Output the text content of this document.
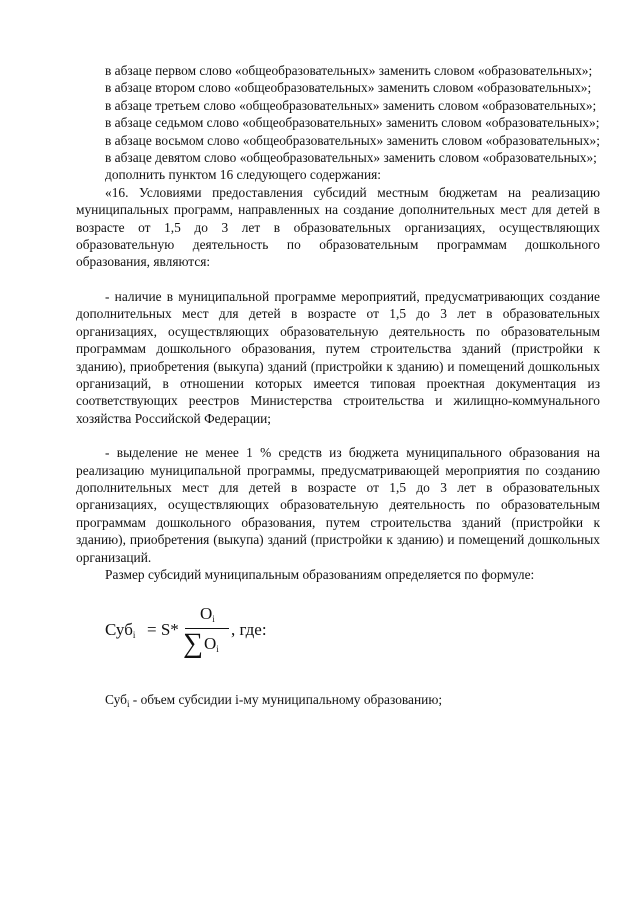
в абзаце первом слово «общеобразовательных» заменить словом «образовательных»;

в абзаце втором слово «общеобразовательных» заменить словом «образовательных»;

в абзаце третьем слово «общеобразовательных» заменить словом «образовательных»;

в абзаце седьмом слово «общеобразовательных» заменить словом «образовательных»;

в абзаце восьмом слово «общеобразовательных» заменить словом «образовательных»;

в абзаце девятом слово «общеобразовательных» заменить словом «образовательных»;

дополнить пунктом 16 следующего содержания:

«16. Условиями предоставления субсидий местным бюджетам на реализацию муниципальных программ, направленных на создание дополнительных мест для детей в возрасте от 1,5 до 3 лет в образовательных организациях, осуществляющих образовательную деятельность по образовательным программам дошкольного образования, являются:

- наличие в муниципальной программе мероприятий, предусматривающих создание дополнительных мест для детей в возрасте от 1,5 до 3 лет в образовательных организациях, осуществляющих образовательную деятельность по образовательным программам дошкольного образования, путем строительства зданий (пристройки к зданию), приобретения (выкупа) зданий (пристройки к зданию) и помещений дошкольных организаций, в отношении которых имеется типовая проектная документация из соответствующих реестров Министерства строительства и жилищно-коммунального хозяйства Российской Федерации;

- выделение не менее 1 % средств из бюджета муниципального образования на реализацию муниципальной программы, предусматривающей мероприятия по созданию дополнительных мест для детей в возрасте от 1,5 до 3 лет в образовательных организациях, осуществляющих образовательную деятельность по образовательным программам дошкольного образования, путем строительства зданий (пристройки к зданию), приобретения (выкупа) зданий (пристройки к зданию) и помещений дошкольных организаций.

Размер субсидий муниципальным образованиям определяется по формуле:

Суб$_i$ = S*
$O_i$
∑ $O_i$
, где:

Суб$_i$ - объем субсидии i-му муниципальному образованию;
